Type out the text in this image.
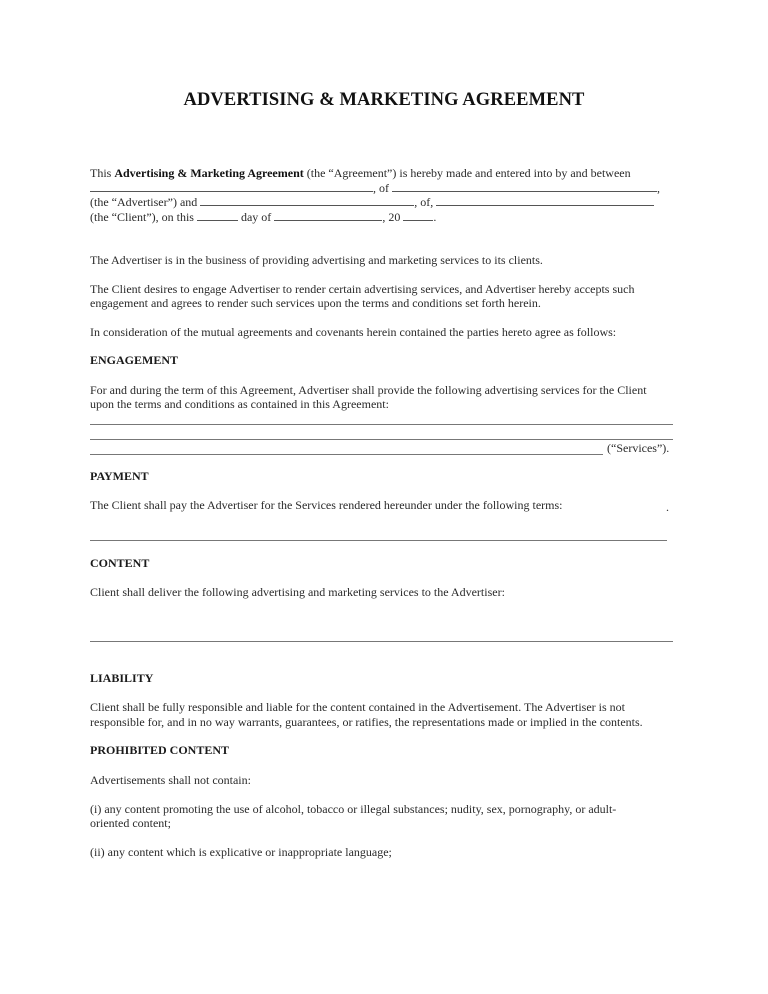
ADVERTISING & MARKETING AGREEMENT
This Advertising & Marketing Agreement (the “Agreement”) is hereby made and entered into by and between
, of	,
(the “Advertiser”) and	, of,
(the “Client”), on this	day of	, 20	.
The Advertiser is in the business of providing advertising and marketing services to its clients.
The Client desires to engage Advertiser to render certain advertising services, and Advertiser hereby accepts such
engagement and agrees to render such services upon the terms and conditions set forth herein.
In consideration of the mutual agreements and covenants herein contained the parties hereto agree as follows:
ENGAGEMENT
For and during the term of this Agreement, Advertiser shall provide the following advertising services for the Client
upon the terms and conditions as contained in this Agreement:
(“Services”).
PAYMENT
The Client shall pay the Advertiser for the Services rendered hereunder under the following terms:	.
CONTENT
Client shall deliver the following advertising and marketing services to the Advertiser:
LIABILITY
Client shall be fully responsible and liable for the content contained in the Advertisement. The Advertiser is not
responsible for, and in no way warrants, guarantees, or ratifies, the representations made or implied in the contents.
PROHIBITED CONTENT
Advertisements shall not contain:
(i) any content promoting the use of alcohol, tobacco or illegal substances; nudity, sex, pornography, or adult-
oriented content;
(ii) any content which is explicative or inappropriate language;
